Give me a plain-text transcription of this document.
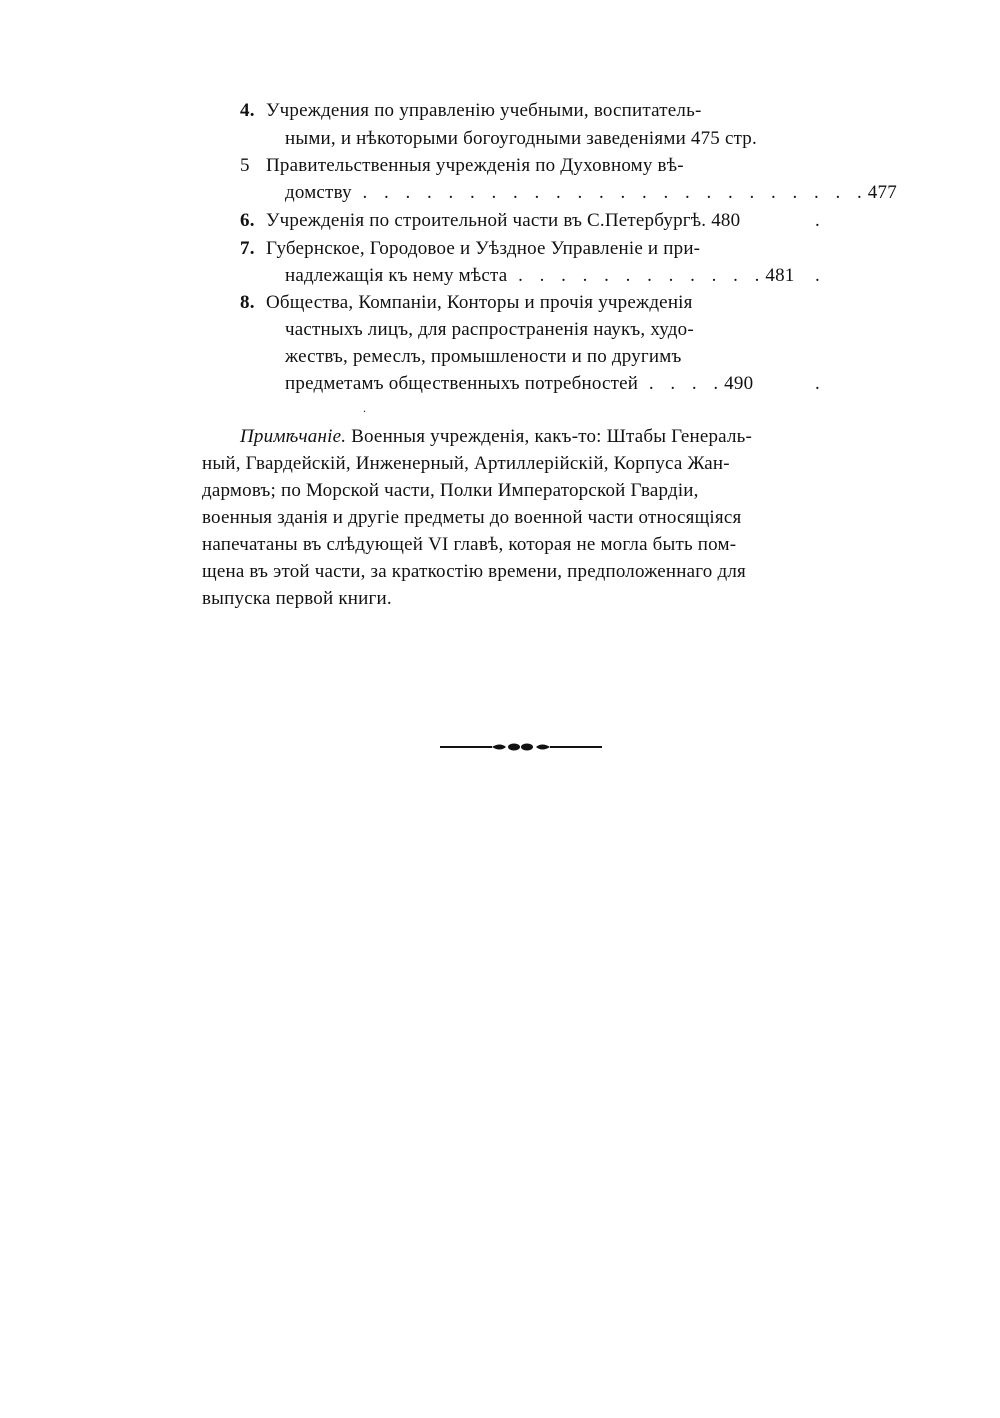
4. Учреждения по управленію учебными, воспитатель-
ными, и нѣкоторыми богоугодными заведеніями 475 стр.
5 Правительственныя учрежденія по Духовному вѣ-
домству . . . . . . . . . . . . . . . . . . . . . . . .477
6. Учрежденія по строительной части въ С.Петербургѣ. 480	.
7. Губернское, Городовое и Уѣздное Управленіе и при-
надлежащія къ нему мѣста . . . . . . . . . . . .481 .
8. Общества, Компаніи, Конторы и прочія учрежденія
частныхъ лицъ, для распространенія наукъ, худо-
жествъ, ремеслъ, промышлености и по другимъ
предметамъ общественныхъ потребностей . . . .490	.
.
Примѣчаніе. Военныя учрежденія, какъ-то: Штабы Генераль-
ный, Гвардейскій, Инженерный, Артиллерійскій, Корпуса Жан-
дармовъ; по Морской части, Полки Императорской Гвардіи,
военныя зданія и другіе предметы до военной части относящіяся
напечатаны въ слѣдующей VI главѣ, которая не могла быть пом-
щена въ этой части, за краткостію времени, предположеннаго для
выпуска первой книги.
